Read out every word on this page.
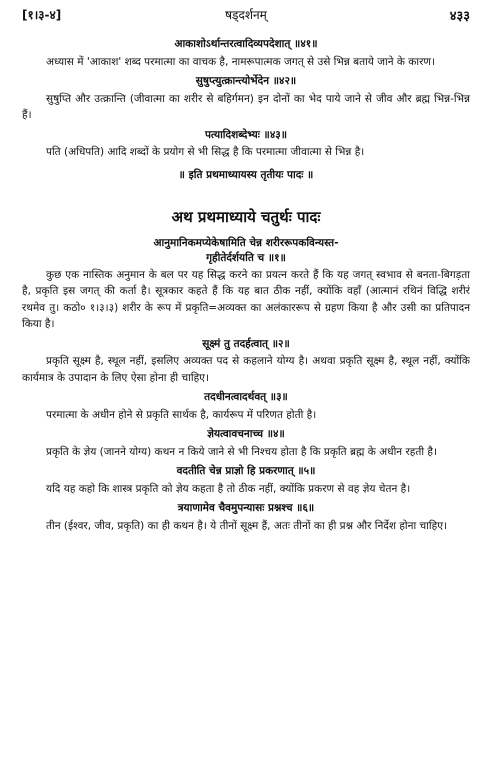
[१।३-४]	षड्दर्शनम्	४३३
आकाशोऽर्थान्तरत्वादिव्यपदेशात् ॥४१॥

अध्यास में 'आकाश' शब्द परमात्मा का वाचक है, नामरूपात्मक जगत् से उसे भिन्न बताये जाने के कारण।

सुषुप्त्युत्क्रान्त्योर्भेदेन ॥४२॥

सुषुप्ति और उत्क्रान्ति (जीवात्मा का शरीर से बहिर्गमन) इन दोनों का भेद पाये जाने से जीव और ब्रह्म भिन्न-भिन्न हैं।

पत्यादिशब्देभ्यः ॥४३॥

पति (अधिपति) आदि शब्दों के प्रयोग से भी सिद्ध है कि परमात्मा जीवात्मा से भिन्न है।

॥ इति प्रथमाध्यायस्य तृतीयः पादः ॥
अथ प्रथमाध्याये चतुर्थः पादः
आनुमानिकमप्येकेषामिति चेन्न शरीररूपकविन्यस्त-
गृहीतेर्दर्शयति च ॥१॥

कुछ एक नास्तिक अनुमान के बल पर यह सिद्ध करने का प्रयत्न करते हैं कि यह जगत् स्वभाव से बनता-बिगड़ता है, प्रकृति इस जगत् की कर्ता है। सूत्रकार कहते हैं कि यह बात ठीक नहीं, क्योंकि वहाँ (आत्मानं रथिनं विद्धि शरीरं रथमेव तु। कठो० १।३।३) शरीर के रूप में प्रकृति=अव्यक्त का अलंकाररूप से ग्रहण किया है और उसी का प्रतिपादन किया है।

सूक्ष्मं तु तदर्हत्वात् ॥२॥

प्रकृति सूक्ष्म है, स्थूल नहीं, इसलिए अव्यक्त पद से कहलाने योग्य है। अथवा प्रकृति सूक्ष्म है, स्थूल नहीं, क्योंकि कार्यमात्र के उपादान के लिए ऐसा होना ही चाहिए।

तदधीनत्वादर्थवत् ॥३॥

परमात्मा के अधीन होने से प्रकृति सार्थक है, कार्यरूप में परिणत होती है।

ज्ञेयत्वावचनाच्च ॥४॥

प्रकृति के ज्ञेय (जानने योग्य) कथन न किये जाने से भी निश्चय होता है कि प्रकृति ब्रह्म के अधीन रहती है।

वदतीति चेन्न प्राज्ञो हि प्रकरणात् ॥५॥

यदि यह कहो कि शास्त्र प्रकृति को ज्ञेय कहता है तो ठीक नहीं, क्योंकि प्रकरण से वह ज्ञेय चेतन है।

त्रयाणामेव चैवमुपन्यासः प्रश्नश्च ॥६॥

तीन (ईश्वर, जीव, प्रकृति) का ही कथन है। ये तीनों सूक्ष्म हैं, अतः तीनों का ही प्रश्न और निर्देश होना चाहिए।
